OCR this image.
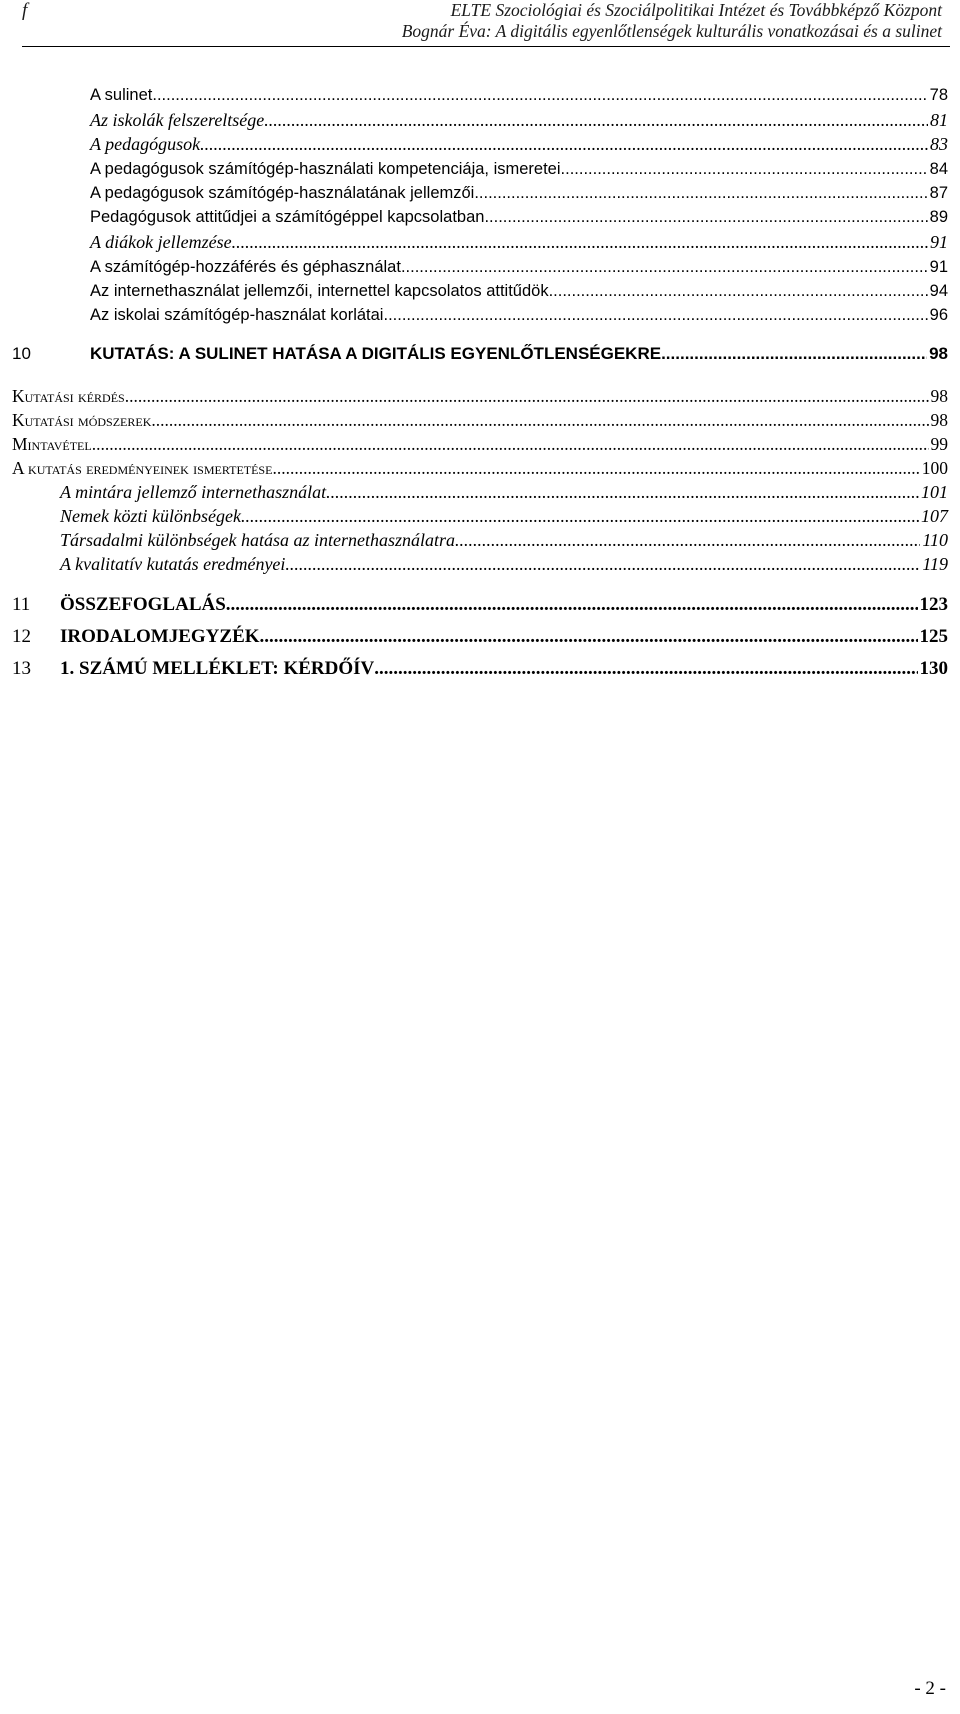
f	ELTE Szociológiai és Szociálpolitikai Intézet és Továbbképző Központ
Bognár Éva: A digitális egyenlőtlenségek kulturális vonatkozásai és a sulinet
A sulinet .....	78
Az iskolák felszereltsége .....	81
A pedagógusok .....	83
A pedagógusok számítógép-használati kompetenciája, ismeretei .....	84
A pedagógusok számítógép-használatának jellemzői .....	87
Pedagógusok attitűdjei a számítógéppel kapcsolatban .....	89
A diákok jellemzése .....	91
A számítógép-hozzáférés és géphasználat .....	91
Az internethasználat jellemzői, internettel kapcsolatos attitűdök .....	94
Az iskolai számítógép-használat korlátai .....	96
10	KUTATÁS: A SULINET HATÁSA A DIGITÁLIS EGYENLŐTLENSÉGEKRE .....	98
Kutatási kérdés .....	98
Kutatási módszerek .....	98
Mintavétel .....	99
A kutatás eredményeinek ismertetése .....	100
A mintára jellemző internethasználat .....	101
Nemek közti különbségek .....	107
Társadalmi különbségek hatása az internethasználatra .....	110
A kvalitatív kutatás eredményei .....	119
11 ÖSSZEFOGLALÁS .....	123
12 IRODALOMJEGYZÉK .....	125
13 1. SZÁMÚ MELLÉKLET: KÉRDŐÍV .....	130
- 2 -
